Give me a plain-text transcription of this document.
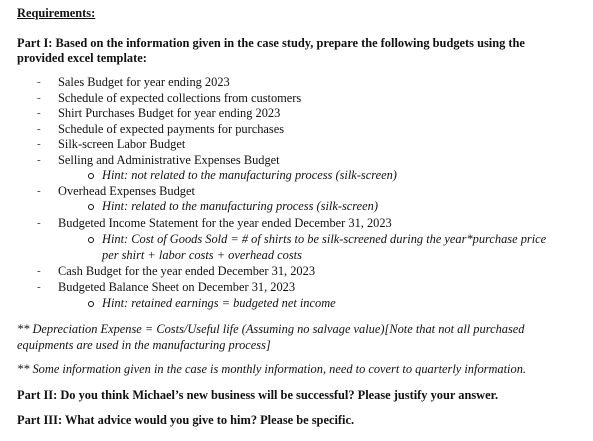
Requirements:
Part I: Based on the information given in the case study, prepare the following budgets using the
provided excel template:
- Sales Budget for year ending 2023
- Schedule of expected collections from customers
- Shirt Purchases Budget for year ending 2023
- Schedule of expected payments for purchases
- Silk-screen Labor Budget
- Selling and Administrative Expenses Budget
Hint: not related to the manufacturing process (silk-screen)
- Overhead Expenses Budget
Hint: related to the manufacturing process (silk-screen)
- Budgeted Income Statement for the year ended December 31, 2023
Hint: Cost of Goods Sold = # of shirts to be silk-screened during the year*purchase price
per shirt + labor costs + overhead costs
- Cash Budget for the year ended December 31, 2023
- Budgeted Balance Sheet on December 31, 2023
Hint: retained earnings = budgeted net income
** Depreciation Expense = Costs/Useful life (Assuming no salvage value)[Note that not all purchased
equipments are used in the manufacturing process]
** Some information given in the case is monthly information, need to covert to quarterly information.
Part II: Do you think Michael’s new business will be successful? Please justify your answer.
Part III: What advice would you give to him? Please be specific.
